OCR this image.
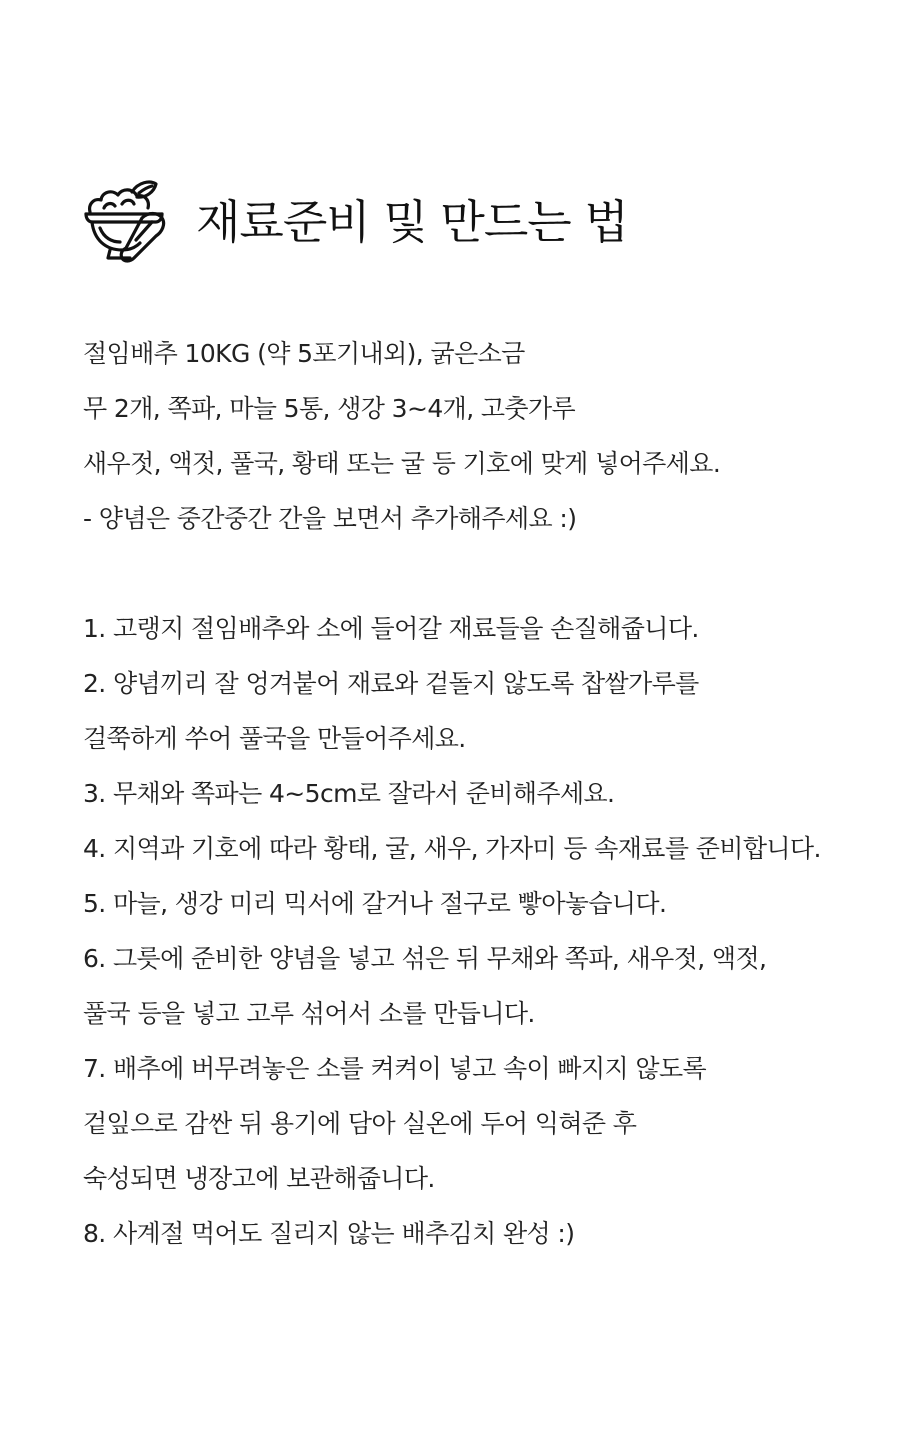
재료준비 및 만드는 법
절임배추 10KG (약 5포기내외), 굵은소금
무 2개, 쪽파, 마늘 5통, 생강 3~4개, 고춧가루
새우젓, 액젓, 풀국, 황태 또는 굴 등 기호에 맞게 넣어주세요.
- 양념은 중간중간 간을 보면서 추가해주세요 :)
1. 고랭지 절임배추와 소에 들어갈 재료들을 손질해줍니다.
2. 양념끼리 잘 엉겨붙어 재료와 겉돌지 않도록 찹쌀가루를
걸쭉하게 쑤어 풀국을 만들어주세요.
3. 무채와 쪽파는 4~5cm로 잘라서 준비해주세요.
4. 지역과 기호에 따라 황태, 굴, 새우, 가자미 등 속재료를 준비합니다.
5. 마늘, 생강 미리 믹서에 갈거나 절구로 빻아놓습니다.
6. 그릇에 준비한 양념을 넣고 섞은 뒤 무채와 쪽파, 새우젓, 액젓,
풀국 등을 넣고 고루 섞어서 소를 만듭니다.
7. 배추에 버무려놓은 소를 켜켜이 넣고 속이 빠지지 않도록
겉잎으로 감싼 뒤 용기에 담아 실온에 두어 익혀준 후
숙성되면 냉장고에 보관해줍니다.
8. 사계절 먹어도 질리지 않는 배추김치 완성 :)
